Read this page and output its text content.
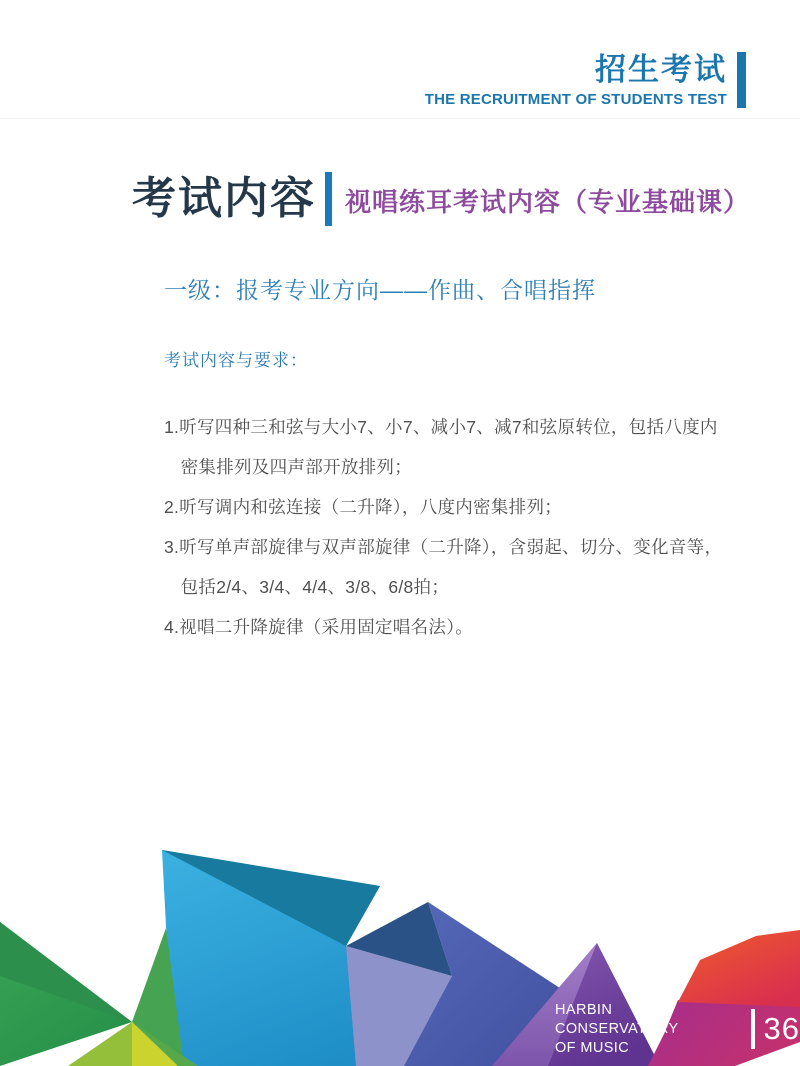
招生考试
THE RECRUITMENT OF STUDENTS TEST
考试内容 视唱练耳考试内容（专业基础课）
一级：报考专业方向——作曲、合唱指挥
考试内容与要求：
1.听写四种三和弦与大小7、小7、减小7、减7和弦原转位，包括八度内密集排列及四声部开放排列；
2.听写调内和弦连接（二升降），八度内密集排列；
3.听写单声部旋律与双声部旋律（二升降），含弱起、切分、变化音等，包括2/4、3/4、4/4、3/8、6/8拍；
4.视唱二升降旋律（采用固定唱名法）。
HARBIN CONSERVATORY
OF MUSIC
36
